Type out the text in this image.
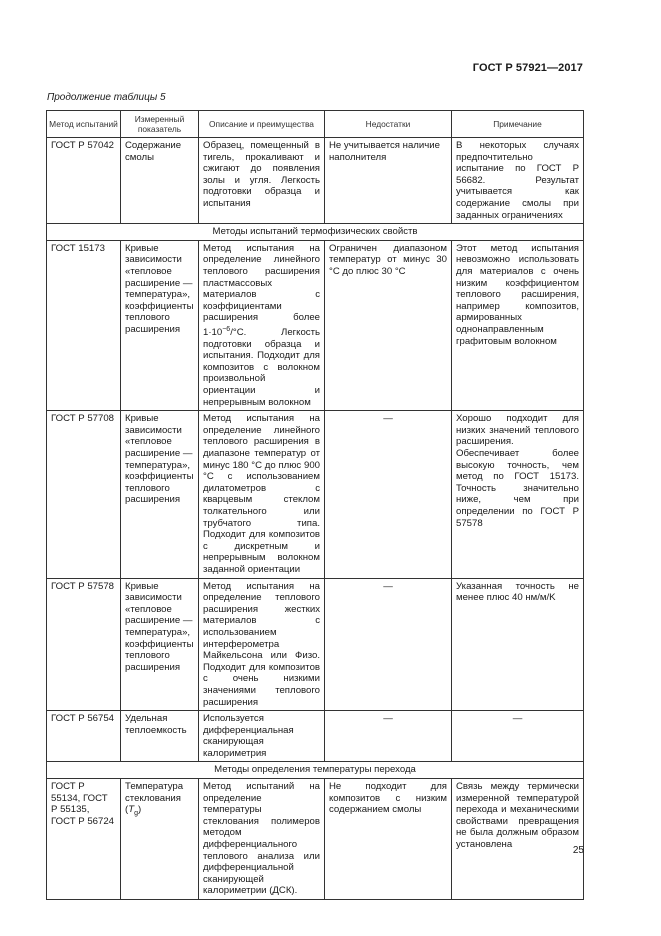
ГОСТ Р 57921—2017
Продолжение таблицы 5
Метод испытаний	Измеренный показатель	Описание и преимущества	Недостатки	Примечание
ГОСТ Р 57042	Содержание смолы	Образец, помещенный в тигель, прокаливают и сжигают до появления золы и угля. Легкость подготовки образца и испытания	Не учитывается наличие наполнителя	В некоторых случаях предпочтительно испытание по ГОСТ Р 56682. Результат учитывается как содержание смолы при заданных ограничениях
Методы испытаний термофизических свойств				
ГОСТ 15173	Кривые зависимости «тепловое расширение — температура», коэффициенты теплового расширения	Метод испытания на определение линейного теплового расширения пластмассовых материалов с коэффициентами расширения более $1\cdot 10^{-6}/^\circ C$. Легкость подготовки образца и испытания. Подходит для композитов с волокном произвольной ориентации и непрерывным волокном	Ограничен диапазоном температур от минус 30 °C до плюс 30 °C	Этот метод испытания невозможно использовать для материалов с очень низким коэффициентом теплового расширения, например композитов, армированных однонаправленным графитовым волокном
ГОСТ Р 57708	Кривые зависимости «тепловое расширение — температура», коэффициенты теплового расширения	Метод испытания на определение линейного теплового расширения в диапазоне температур от минус 180 °C до плюс 900 °C с использованием дилатометров с кварцевым стеклом толкательного или трубчатого типа. Подходит для композитов с дискретным и непрерывным волокном заданной ориентации	—	Хорошо подходит для низких значений теплового расширения. Обеспечивает более высокую точность, чем метод по ГОСТ 15173. Точность значительно ниже, чем при определении по ГОСТ Р 57578
ГОСТ Р 57578	Кривые зависимости «тепловое расширение — температура», коэффициенты теплового расширения	Метод испытания на определение теплового расширения жестких материалов с использованием интерферометра Майкельсона или Физо. Подходит для композитов с очень низкими значениями теплового расширения	—	Указанная точность не менее плюс 40 нм/м/K
ГОСТ Р 56754	Удельная теплоемкость	Используется дифференциальная сканирующая калориметрия	—	—
Методы определения температуры перехода				
ГОСТ Р 55134, ГОСТ Р 55135, ГОСТ Р 56724	Температура стеклования $(T_g)$	Метод испытаний на определение температуры стеклования полимеров методом дифференциального теплового анализа или дифференциальной сканирующей калориметрии (ДСК).	Не подходит для композитов с низким содержанием смолы	Связь между термически измеренной температурой перехода и механическими свойствами превращения не была должным образом установлена
25
